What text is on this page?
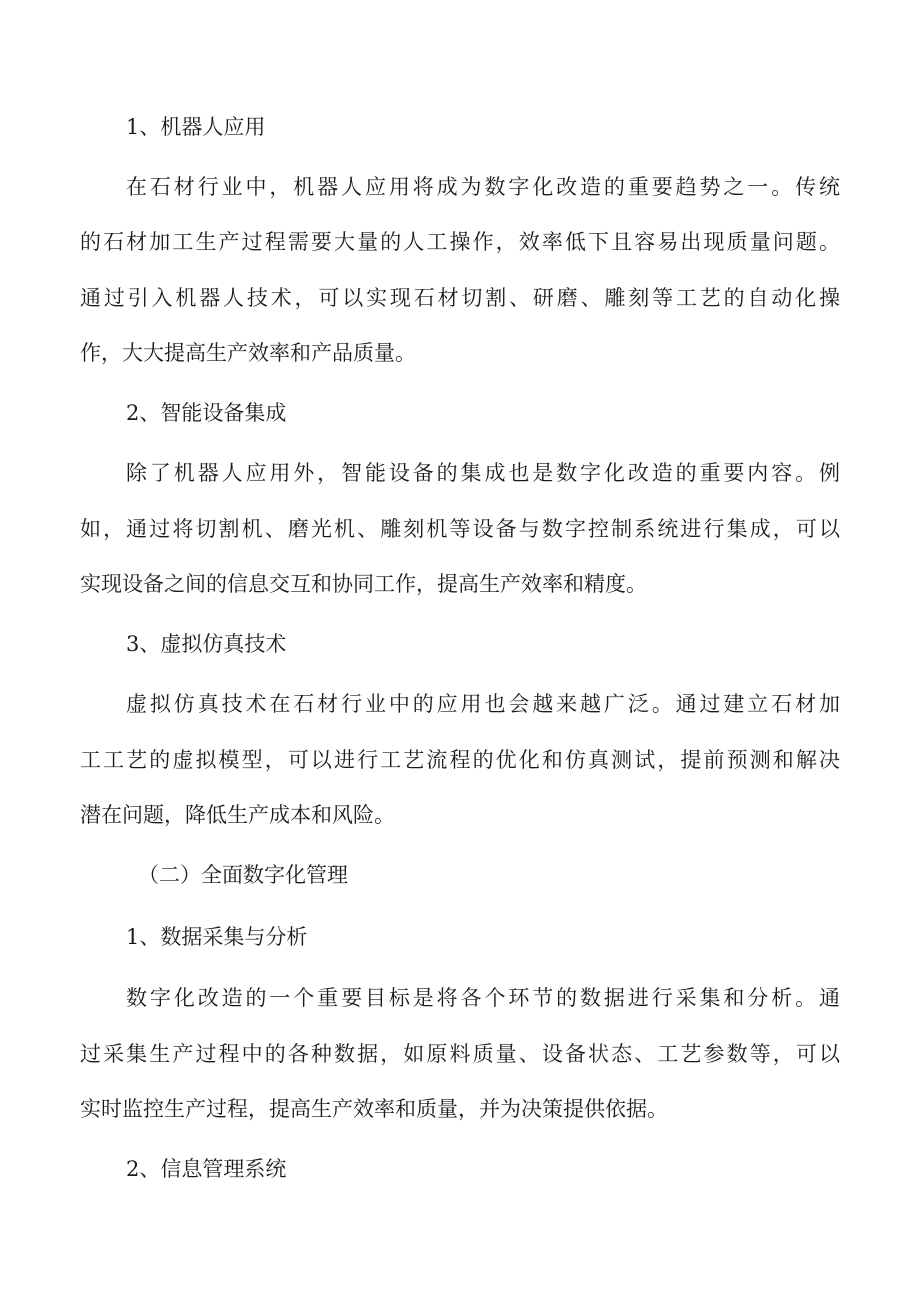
1、机器人应用
在石材行业中，机器人应用将成为数字化改造的重要趋势之一。传统
的石材加工生产过程需要大量的人工操作，效率低下且容易出现质量问题。
通过引入机器人技术，可以实现石材切割、研磨、雕刻等工艺的自动化操
作，大大提高生产效率和产品质量。
2、智能设备集成
除了机器人应用外，智能设备的集成也是数字化改造的重要内容。例
如，通过将切割机、磨光机、雕刻机等设备与数字控制系统进行集成，可以
实现设备之间的信息交互和协同工作，提高生产效率和精度。
3、虚拟仿真技术
虚拟仿真技术在石材行业中的应用也会越来越广泛。通过建立石材加
工工艺的虚拟模型，可以进行工艺流程的优化和仿真测试，提前预测和解决
潜在问题，降低生产成本和风险。
（二）全面数字化管理
1、数据采集与分析
数字化改造的一个重要目标是将各个环节的数据进行采集和分析。通
过采集生产过程中的各种数据，如原料质量、设备状态、工艺参数等，可以
实时监控生产过程，提高生产效率和质量，并为决策提供依据。
2、信息管理系统
